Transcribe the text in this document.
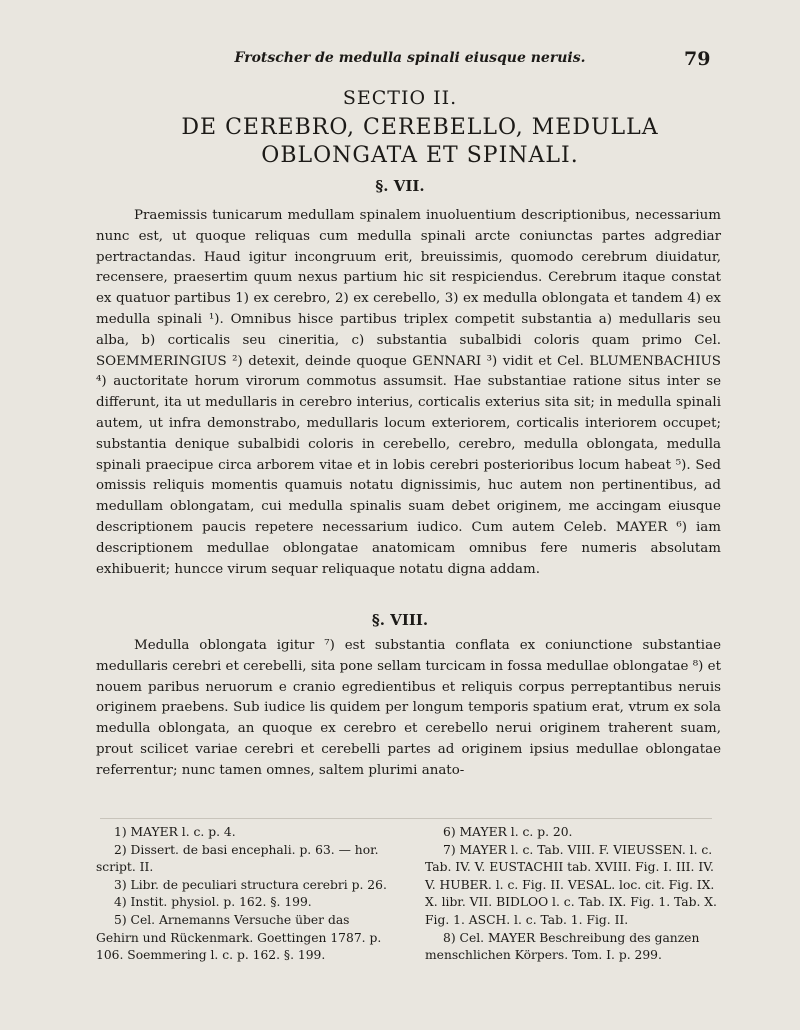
Frotscher de medulla spinali eiusque neruis.	79
SECTIO II.
DE CEREBRO, CEREBELLO, MEDULLA OBLONGATA ET SPINALI.
§. VII.

Praemissis tunicarum medullam spinalem inuoluentium descriptionibus, necessarium nunc est, ut quoque reliquas cum medulla spinali arcte coniunctas partes adgrediar pertractandas. Haud igitur incongruum erit, breuissimis, quomodo cerebrum diuidatur, recensere, praesertim quum nexus partium hic sit respiciendus. Cerebrum itaque constat ex quatuor partibus 1) ex cerebro, 2) ex cerebello, 3) ex medulla oblongata et tandem 4) ex medulla spinali ¹). Omnibus hisce partibus triplex competit substantia a) medullaris seu alba, b) corticalis seu cineritia, c) substantia subalbidi coloris quam primo Cel. SOEMMERINGIUS ²) detexit, deinde quoque GENNARI ³) vidit et Cel. BLUMENBACHIUS ⁴) auctoritate horum virorum commotus assumsit. Hae substantiae ratione situs inter se differunt, ita ut medullaris in cerebro interius, corticalis exterius sita sit; in medulla spinali autem, ut infra demonstrabo, medullaris locum exteriorem, corticalis interiorem occupet; substantia denique subalbidi coloris in cerebello, cerebro, medulla oblongata, medulla spinali praecipue circa arborem vitae et in lobis cerebri posterioribus locum habeat ⁵). Sed omissis reliquis momentis quamuis notatu dignissimis, huc autem non pertinentibus, ad medullam oblongatam, cui medulla spinalis suam debet originem, me accingam eiusque descriptionem paucis repetere necessarium iudico. Cum autem Celeb. MAYER ⁶) iam descriptionem medullae oblongatae anatomicam omnibus fere numeris absolutam exhibuerit; huncce virum sequar reliquaque notatu digna addam.

§. VIII.

Medulla oblongata igitur ⁷) est substantia conflata ex coniunctione substantiae medullaris cerebri et cerebelli, sita pone sellam turcicam in fossa medullae oblongatae ⁸) et nouem paribus neruorum e cranio egredientibus et reliquis corpus perreptantibus neruis originem praebens. Sub iudice lis quidem per longum temporis spatium erat, vtrum ex sola medulla oblongata, an quoque ex cerebro et cerebello nerui originem traherent suam, prout scilicet variae cerebri et cerebelli partes ad originem ipsius medullae oblongatae referrentur; nunc tamen omnes, saltem plurimi anato-

1) MAYER l. c. p. 4.
2) Dissert. de basi encephali. p. 63. — hor. script. II.
3) Libr. de peculiari structura cerebri p. 26.
4) Instit. physiol. p. 162. §. 199.
5) Cel. Arnemanns Versuche über das Gehirn und Rückenmark. Goettingen 1787. p. 106. Soemmering l. c. p. 162. §. 199.
6) MAYER l. c. p. 20.
7) MAYER l. c. Tab. VIII. F. VIEUSSEN. l. c. Tab. IV. V. EUSTACHII tab. XVIII. Fig. I. III. IV. V. HUBER. l. c. Fig. II. VESAL. loc. cit. Fig. IX. X. libr. VII. BIDLOO l. c. Tab. IX. Fig. 1. Tab. X. Fig. 1. ASCH. l. c. Tab. 1. Fig. II.
8) Cel. MAYER Beschreibung des ganzen menschlichen Körpers. Tom. I. p. 299.
